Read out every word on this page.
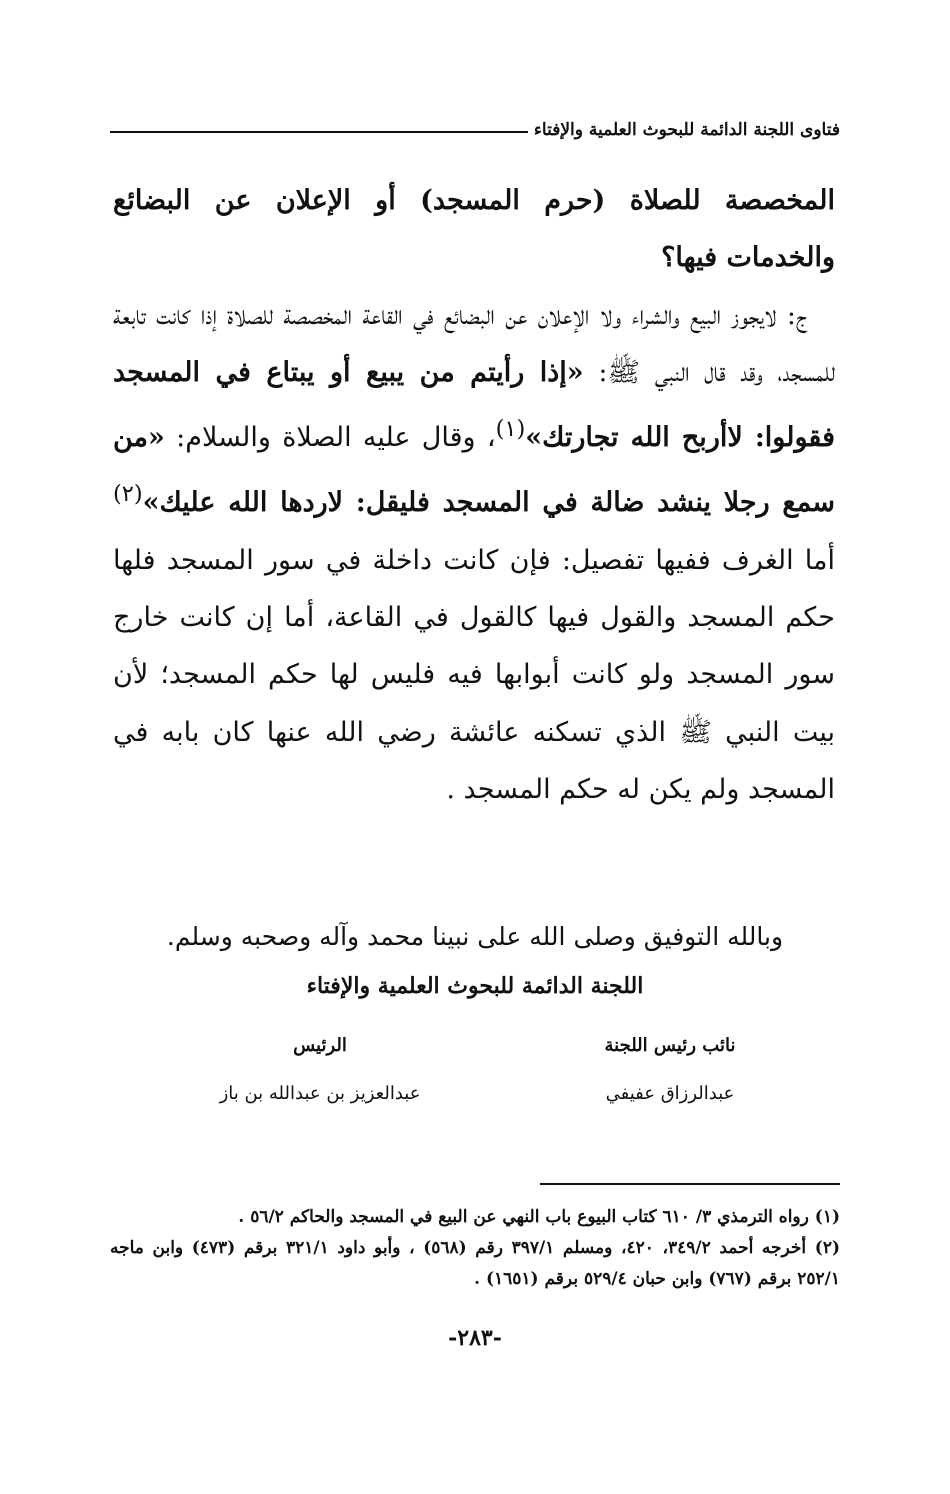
فتاوى اللجنة الدائمة للبحوث العلمية والإفتاء

المخصصة للصلاة (حرم المسجد) أو الإعلان عن البضائع والخدمات فيها؟

ج: لايجوز البيع والشراء ولا الإعلان عن البضائع في القاعة المخصصة للصلاة إذا كانت تابعة للمسجد، وقد قال النبي ﷺ: «إذا رأيتم من يبيع أو يبتاع في المسجد فقولوا: لاأربح الله تجارتك»$^{(١)}$، وقال عليه الصلاة والسلام: «من سمع رجلا ينشد ضالة في المسجد فليقل: لاردها الله عليك»$^{(٢)}$ أما الغرف ففيها تفصيل: فإن كانت داخلة في سور المسجد فلها حكم المسجد والقول فيها كالقول في القاعة، أما إن كانت خارج سور المسجد ولو كانت أبوابها فيه فليس لها حكم المسجد؛ لأن بيت النبي ﷺ الذي تسكنه عائشة رضي الله عنها كان بابه في المسجد ولم يكن له حكم المسجد .

وبالله التوفيق وصلى الله على نبينا محمد وآله وصحبه وسلم.
اللجنة الدائمة للبحوث العلمية والإفتاء
نائب رئيس اللجنة
عبدالرزاق عفيفي
الرئيس
عبدالعزيز بن عبدالله بن باز

(١) رواه الترمذي ٣/ ٦١٠ كتاب البيوع باب النهي عن البيع في المسجد والحاكم ٥٦/٢ .

(٢) أخرجه أحمد ٣٤٩/٢، ٤٢٠، ومسلم ٣٩٧/١ رقم (٥٦٨) ، وأبو داود ٣٢١/١ برقم (٤٧٣) وابن ماجه ٢٥٢/١ برقم (٧٦٧) وابن حبان ٥٢٩/٤ برقم (١٦٥١) .

-٢٨٣-
